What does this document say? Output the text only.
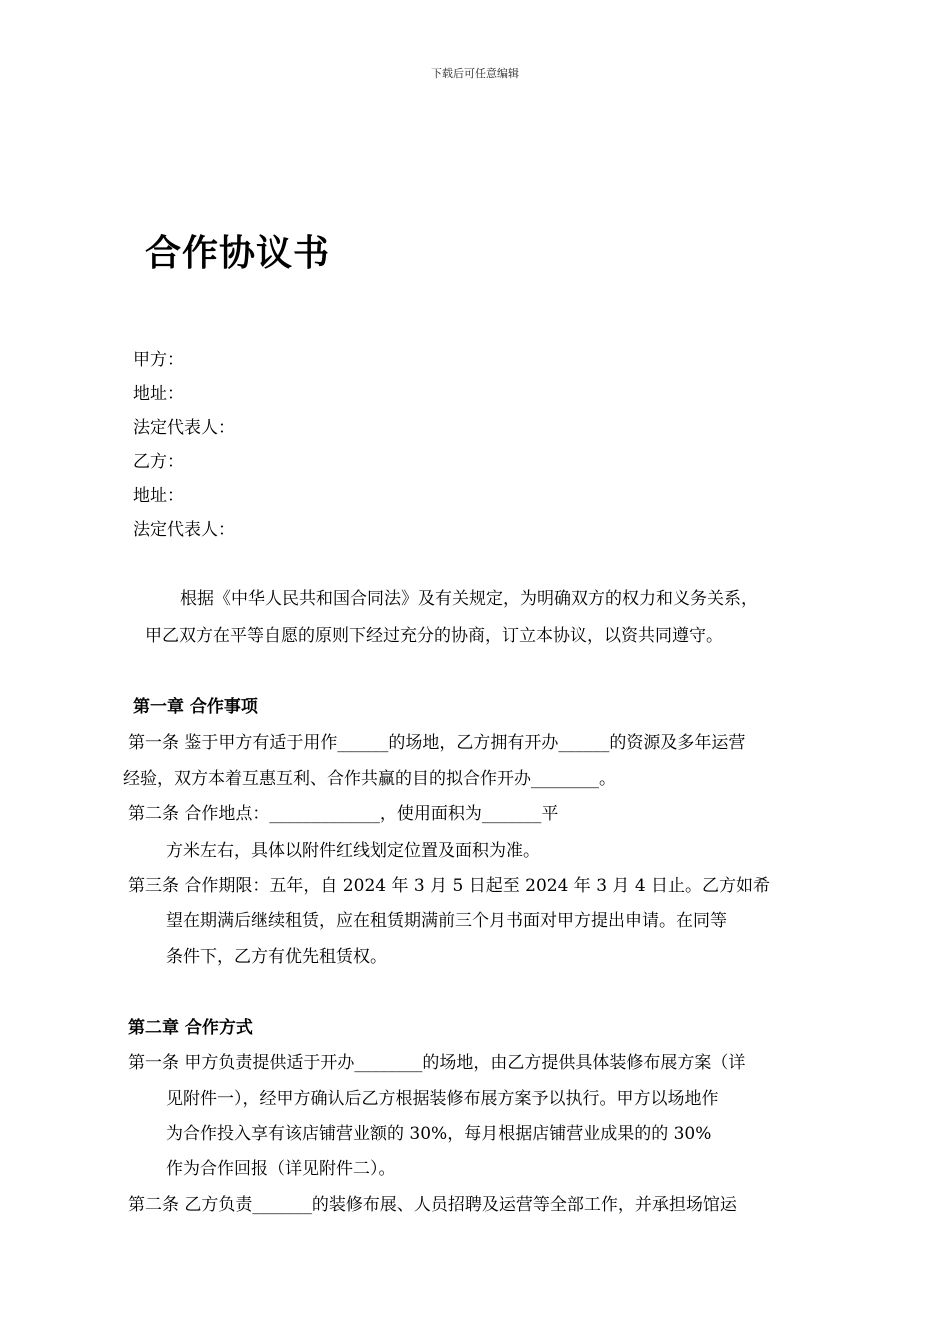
下载后可任意编辑
合作协议书
甲方：
地址：
法定代表人：
乙方：
地址：
法定代表人：
根据《中华人民共和国合同法》及有关规定，为明确双方的权力和义务关系，
甲乙双方在平等自愿的原则下经过充分的协商，订立本协议，以资共同遵守。
第一章 合作事项
第一条 鉴于甲方有适于用作______的场地，乙方拥有开办______的资源及多年运营
经验，双方本着互惠互利、合作共赢的目的拟合作开办________。
第二条 合作地点：_____________，使用面积为_______平
方米左右，具体以附件红线划定位置及面积为准。
第三条 合作期限：五年，自 2024 年 3 月 5 日起至 2024 年 3 月 4 日止。乙方如希
望在期满后继续租赁，应在租赁期满前三个月书面对甲方提出申请。在同等
条件下，乙方有优先租赁权。
第二章 合作方式
第一条 甲方负责提供适于开办________的场地，由乙方提供具体装修布展方案（详
见附件一），经甲方确认后乙方根据装修布展方案予以执行。甲方以场地作
为合作投入享有该店铺营业额的 30%，每月根据店铺营业成果的的 30%
作为合作回报（详见附件二）。
第二条 乙方负责_______的装修布展、人员招聘及运营等全部工作，并承担场馆运
